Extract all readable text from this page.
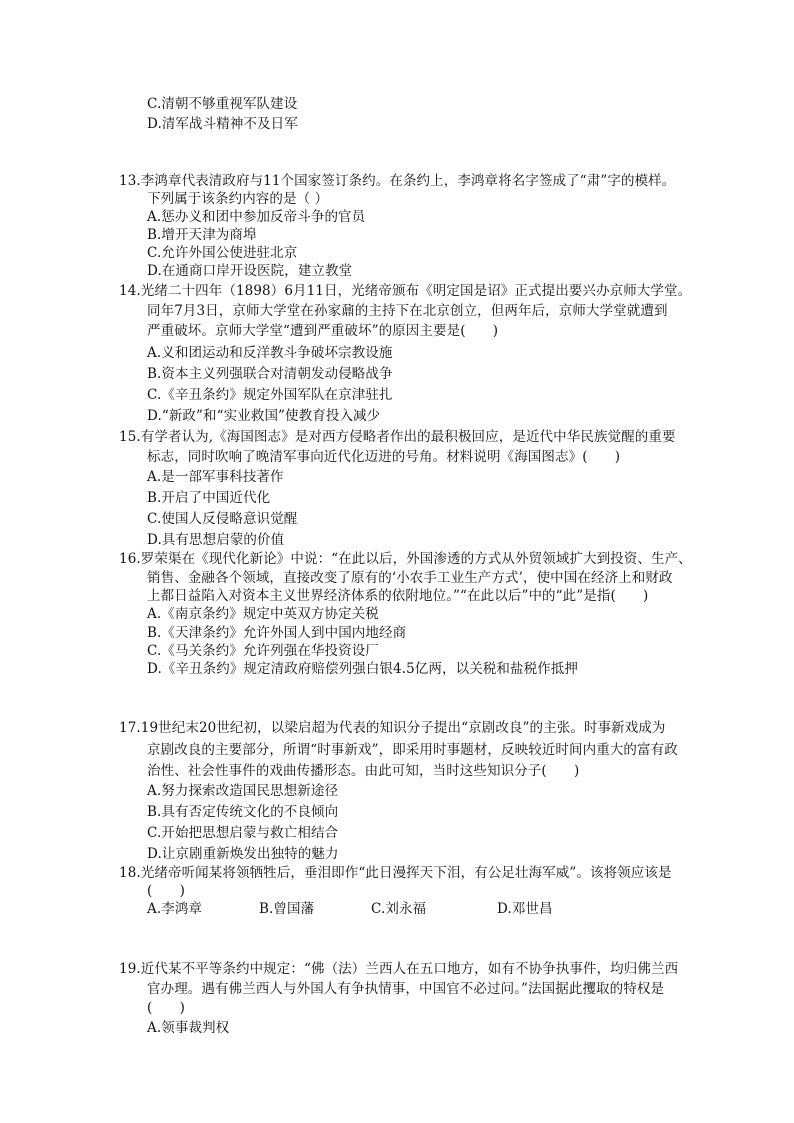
C.清朝不够重视军队建设
D.清军战斗精神不及日军
13.李鸿章代表清政府与11个国家签订条约。在条约上，李鸿章将名字签成了“肃”字的模样。
下列属于该条约内容的是（ ）
A.惩办义和团中参加反帝斗争的官员
B.增开天津为商埠
C.允许外国公使进驻北京
D.在通商口岸开设医院，建立教堂
14.光绪二十四年（1898）6月11日，光绪帝颁布《明定国是诏》正式提出要兴办京师大学堂。
同年7月3日，京师大学堂在孙家鼐的主持下在北京创立，但两年后，京师大学堂就遭到
严重破坏。京师大学堂“遭到严重破坏”的原因主要是(　　)
A.义和团运动和反洋教斗争破坏宗教设施
B.资本主义列强联合对清朝发动侵略战争
C.《辛丑条约》规定外国军队在京津驻扎
D.“新政”和“实业救国”使教育投入减少
15.有学者认为,《海国图志》是对西方侵略者作出的最积极回应，是近代中华民族觉醒的重要
标志，同时吹响了晚清军事向近代化迈进的号角。材料说明《海国图志》(　　)
A.是一部军事科技著作
B.开启了中国近代化
C.使国人反侵略意识觉醒
D.具有思想启蒙的价值
16.罗荣渠在《现代化新论》中说：“在此以后，外国渗透的方式从外贸领域扩大到投资、生产、
销售、金融各个领域，直接改变了原有的‘小农手工业生产方式’，使中国在经济上和财政
上都日益陷入对资本主义世界经济体系的依附地位。”“在此以后”中的“此”是指(　　)
A.《南京条约》规定中英双方协定关税
B.《天津条约》允许外国人到中国内地经商
C.《马关条约》允许列强在华投资设厂
D.《辛丑条约》规定清政府赔偿列强白银4.5亿两，以关税和盐税作抵押
17.19世纪末20世纪初，以梁启超为代表的知识分子提出“京剧改良”的主张。时事新戏成为
京剧改良的主要部分，所谓“时事新戏”，即采用时事题材，反映较近时间内重大的富有政
治性、社会性事件的戏曲传播形态。由此可知，当时这些知识分子(　　)
A.努力探索改造国民思想新途径
B.具有否定传统文化的不良倾向
C.开始把思想启蒙与救亡相结合
D.让京剧重新焕发出独特的魅力
18.光绪帝听闻某将领牺牲后，垂泪即作“此日漫挥天下泪，有公足壮海军威”。该将领应该是
(　　)
A.李鸿章	B.曾国藩	C.刘永福	D.邓世昌
19.近代某不平等条约中规定：“佛（法）兰西人在五口地方，如有不协争执事件，均归佛兰西
官办理。遇有佛兰西人与外国人有争执情事，中国官不必过问。”法国据此攫取的特权是
(　　)
A.领事裁判权
